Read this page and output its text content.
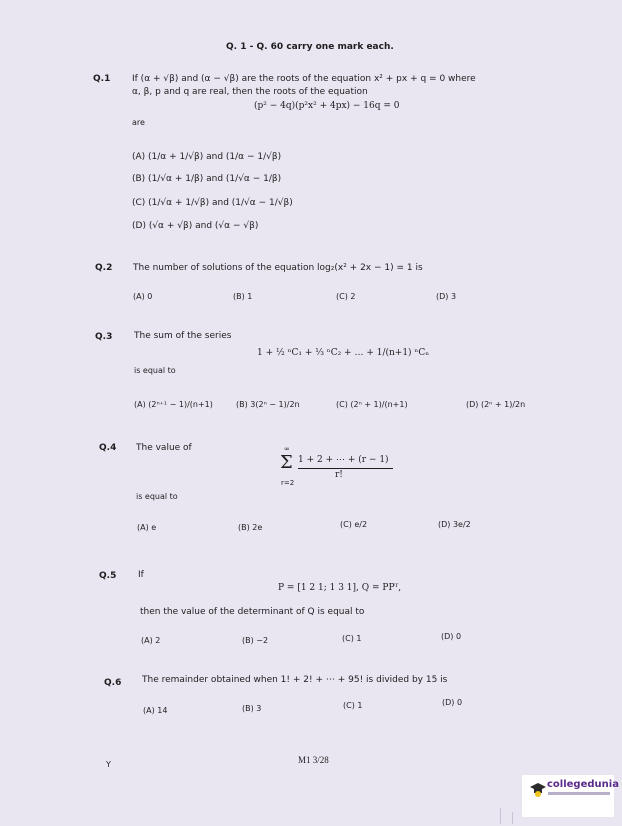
Q. 1 - Q. 60 carry one mark each.
Q.1 If (α + √β) and (α − √β) are the roots of the equation x² + px + q = 0 where
α, β, p and q are real, then the roots of the equation
(p² − 4q)(p²x² + 4px) − 16q = 0
are
(A) (1/α + 1/√β) and (1/α − 1/√β)
(B) (1/√α + 1/β) and (1/√α − 1/β)
(C) (1/√α + 1/√β) and (1/√α − 1/√β)
(D) (√α + √β) and (√α − √β)
Q.2 The number of solutions of the equation log₂(x² + 2x − 1) = 1 is
(A) 0	(B) 1	(C) 2	(D) 3
Q.3 The sum of the series
1 + ½ ⁿC₁ + ⅓ ⁿC₂ + … + 1/(n+1) ⁿCₙ
is equal to
(A) (2ⁿ⁺¹ − 1)/(n+1)	(B) 3(2ⁿ − 1)/2n	(C) (2ⁿ + 1)/(n+1)	(D) (2ⁿ + 1)/2n
Q.4 The value of
Σ
∞
r=2
1 + 2 + ⋯ + (r − 1)
r!
is equal to
(A) e	(B) 2e	(C) e/2	(D) 3e/2
Q.5 If
P = [1 2 1; 1 3 1], Q = PPᵀ,
then the value of the determinant of Q is equal to
(A) 2	(B) −2	(C) 1	(D) 0
Q.6 The remainder obtained when 1! + 2! + ⋯ + 95! is divided by 15 is
(A) 14	(B) 3	(C) 1	(D) 0
M1 3/28
Y
collegedunia
